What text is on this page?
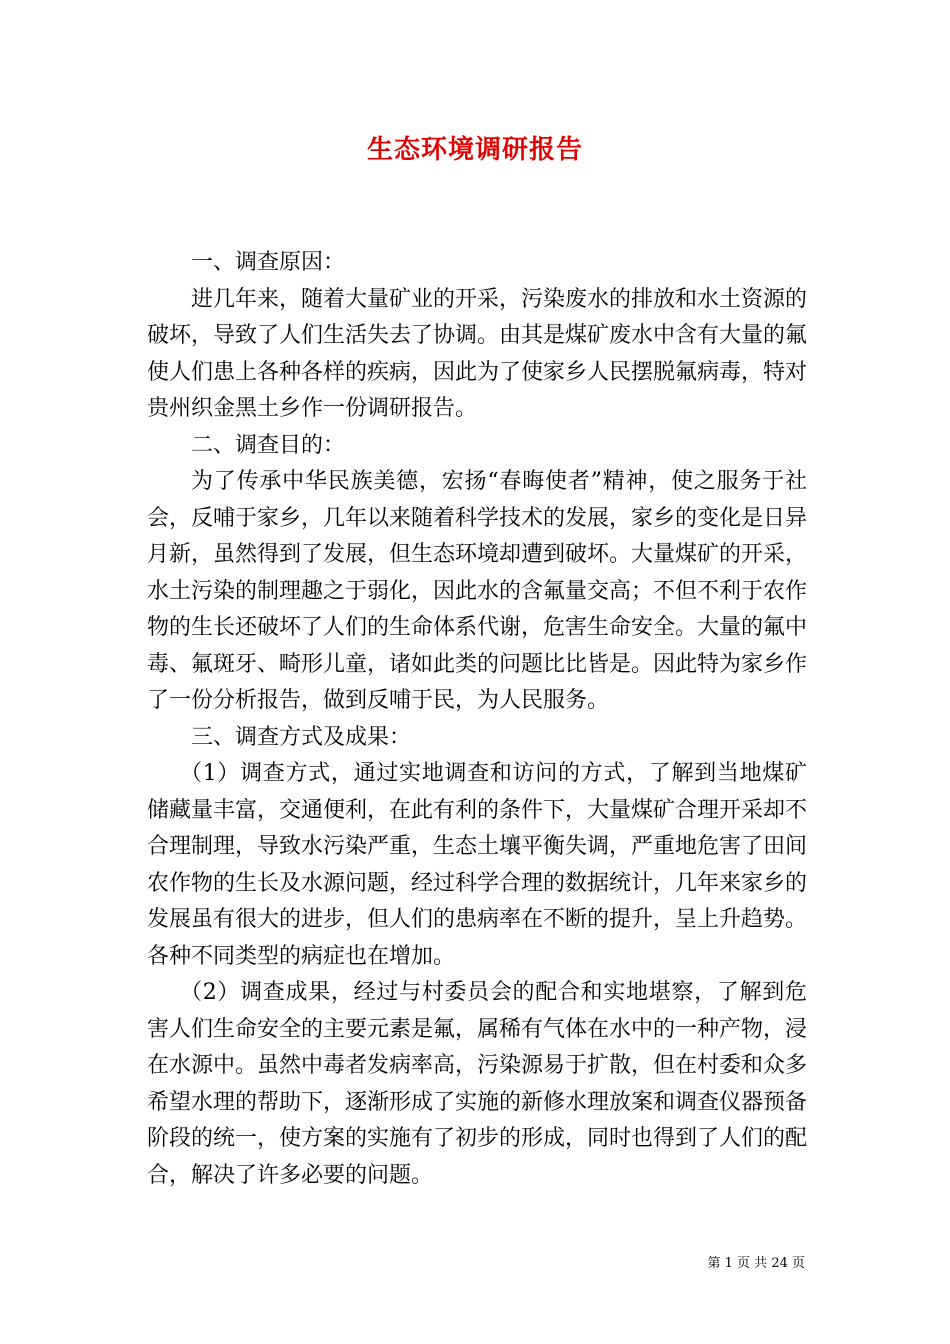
生态环境调研报告

一、调查原因：

进几年来，随着大量矿业的开采，污染废水的排放和水土资源的破坏，导致了人们生活失去了协调。由其是煤矿废水中含有大量的氟使人们患上各种各样的疾病，因此为了使家乡人民摆脱氟病毒，特对贵州织金黑土乡作一份调研报告。

二、调查目的：

为了传承中华民族美德，宏扬“春晦使者”精神，使之服务于社会，反哺于家乡，几年以来随着科学技术的发展，家乡的变化是日异月新，虽然得到了发展，但生态环境却遭到破坏。大量煤矿的开采，水土污染的制理趣之于弱化，因此水的含氟量交高；不但不利于农作物的生长还破坏了人们的生命体系代谢，危害生命安全。大量的氟中毒、氟斑牙、畸形儿童，诸如此类的问题比比皆是。因此特为家乡作了一份分析报告，做到反哺于民，为人民服务。

三、调查方式及成果：

（1）调查方式，通过实地调查和访问的方式，了解到当地煤矿储藏量丰富，交通便利，在此有利的条件下，大量煤矿合理开采却不合理制理，导致水污染严重，生态土壤平衡失调，严重地危害了田间农作物的生长及水源问题，经过科学合理的数据统计，几年来家乡的发展虽有很大的进步，但人们的患病率在不断的提升，呈上升趋势。各种不同类型的病症也在增加。

（2）调查成果，经过与村委员会的配合和实地堪察，了解到危害人们生命安全的主要元素是氟，属稀有气体在水中的一种产物，浸在水源中。虽然中毒者发病率高，污染源易于扩散，但在村委和众多希望水理的帮助下，逐渐形成了实施的新修水理放案和调查仪器预备阶段的统一，使方案的实施有了初步的形成，同时也得到了人们的配合，解决了许多必要的问题。

第 1 页 共 24 页
